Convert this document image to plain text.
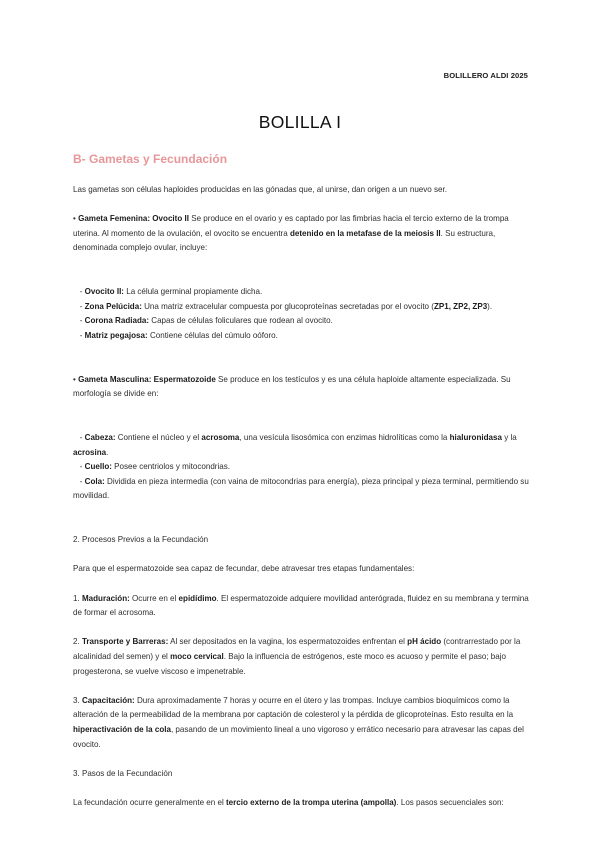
BOLILLERO ALDI 2025
BOLILLA I
B- Gametas y Fecundación

Las gametas son células haploides producidas en las gónadas que, al unirse, dan origen a un nuevo ser.

• Gameta Femenina: Ovocito II Se produce en el ovario y es captado por las fimbrias hacia el tercio externo de la trompa uterina. Al momento de la ovulación, el ovocito se encuentra detenido en la metafase de la meiosis II. Su estructura, denominada complejo ovular, incluye:

- Ovocito II: La célula germinal propiamente dicha.
- Zona Pelúcida: Una matriz extracelular compuesta por glucoproteínas secretadas por el ovocito (ZP1, ZP2, ZP3).
- Corona Radiada: Capas de células foliculares que rodean al ovocito.
- Matriz pegajosa: Contiene células del cúmulo oóforo.

• Gameta Masculina: Espermatozoide Se produce en los testículos y es una célula haploide altamente especializada. Su morfología se divide en:

- Cabeza: Contiene el núcleo y el acrosoma, una vesícula lisosómica con enzimas hidrolíticas como la hialuronidasa y la acrosina.
- Cuello: Posee centriolos y mitocondrias.
- Cola: Dividida en pieza intermedia (con vaina de mitocondrias para energía), pieza principal y pieza terminal, permitiendo su movilidad.

2. Procesos Previos a la Fecundación

Para que el espermatozoide sea capaz de fecundar, debe atravesar tres etapas fundamentales:

1. Maduración: Ocurre en el epidídimo. El espermatozoide adquiere movilidad anterógrada, fluidez en su membrana y termina de formar el acrosoma.

2. Transporte y Barreras: Al ser depositados en la vagina, los espermatozoides enfrentan el pH ácido (contrarrestado por la alcalinidad del semen) y el moco cervical. Bajo la influencia de estrógenos, este moco es acuoso y permite el paso; bajo progesterona, se vuelve viscoso e impenetrable.

3. Capacitación: Dura aproximadamente 7 horas y ocurre en el útero y las trompas. Incluye cambios bioquímicos como la alteración de la permeabilidad de la membrana por captación de colesterol y la pérdida de glicoproteínas. Esto resulta en la hiperactivación de la cola, pasando de un movimiento lineal a uno vigoroso y errático necesario para atravesar las capas del ovocito.

3. Pasos de la Fecundación

La fecundación ocurre generalmente en el tercio externo de la trompa uterina (ampolla). Los pasos secuenciales son:
